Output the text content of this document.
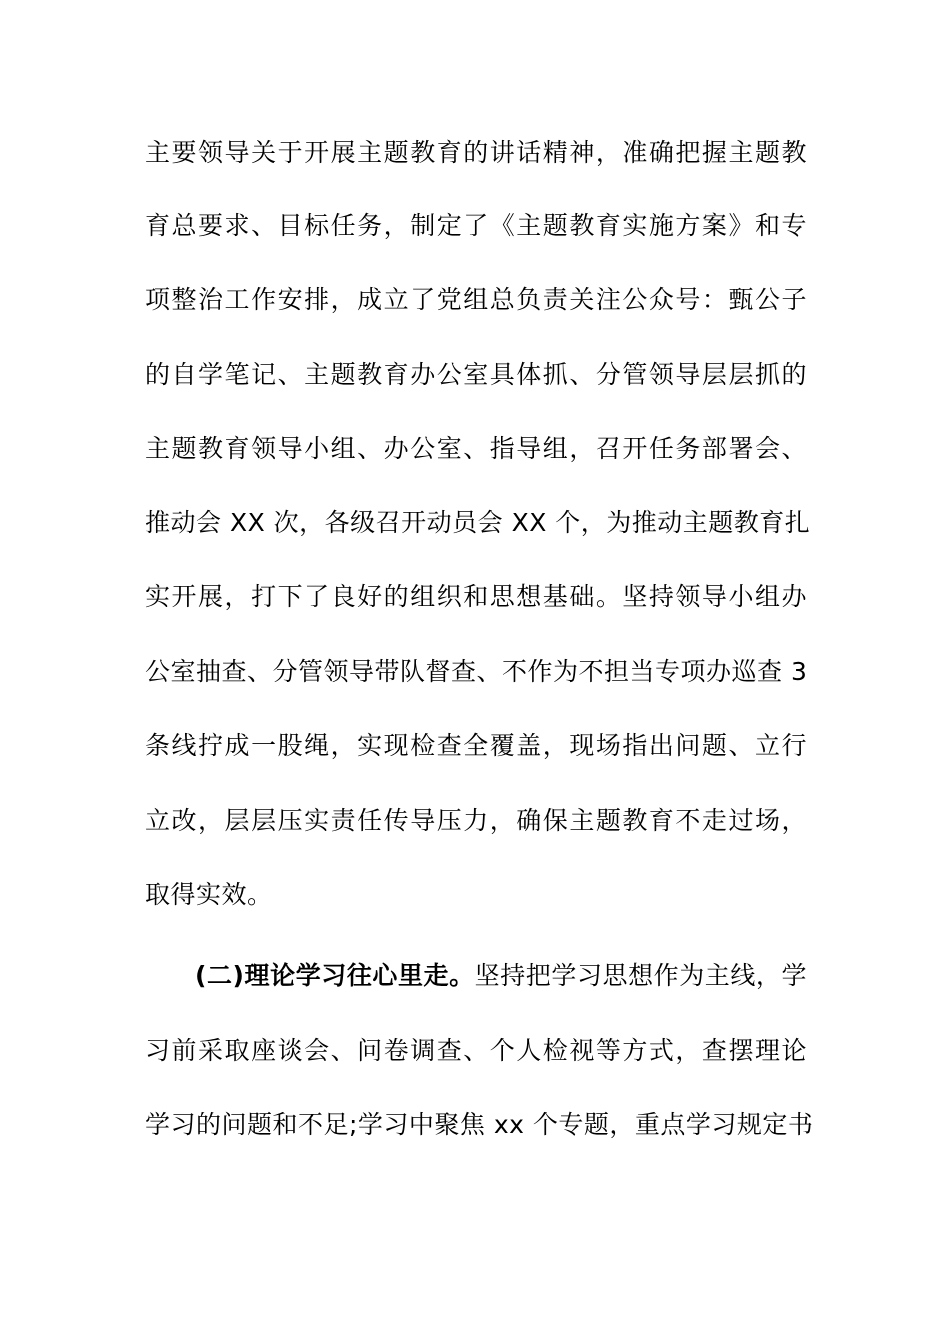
主要领导关于开展主题教育的讲话精神，准确把握主题教
育总要求、目标任务，制定了《主题教育实施方案》和专
项整治工作安排，成立了党组总负责关注公众号：甄公子
的自学笔记、主题教育办公室具体抓、分管领导层层抓的
主题教育领导小组、办公室、指导组，召开任务部署会、
推动会 XX 次，各级召开动员会 XX 个，为推动主题教育扎
实开展，打下了良好的组织和思想基础。坚持领导小组办
公室抽查、分管领导带队督查、不作为不担当专项办巡查 3
条线拧成一股绳，实现检查全覆盖，现场指出问题、立行
立改，层层压实责任传导压力，确保主题教育不走过场，
取得实效。
(二)理论学习往心里走。坚持把学习思想作为主线，学
习前采取座谈会、问卷调查、个人检视等方式，查摆理论
学习的问题和不足;学习中聚焦 xx 个专题，重点学习规定书
